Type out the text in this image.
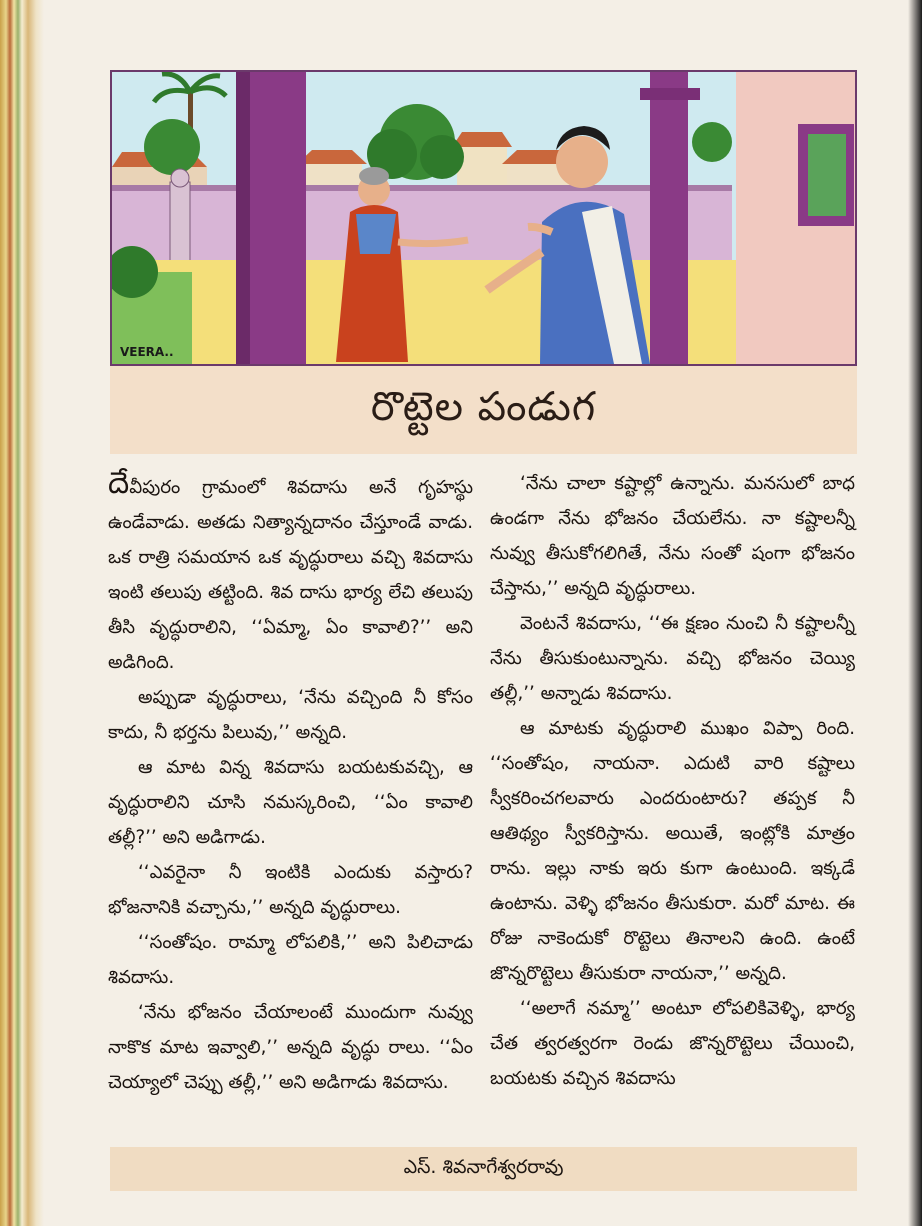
VEERA..
రొట్టెల పండుగ

దేవీపురం గ్రామంలో శివదాసు అనే గృహస్థు ఉండేవాడు. అతడు నిత్యాన్నదానం చేస్తూండే వాడు. ఒక రాత్రి సమయాన ఒక వృద్ధురాలు వచ్చి శివదాసు ఇంటి తలుపు తట్టింది. శివ దాసు భార్య లేచి తలుపు తీసి వృద్ధురాలిని, ‘‘ఏమ్మా, ఏం కావాలి?’’ అని అడిగింది.

అప్పుడా వృద్ధురాలు, ‘నేను వచ్చింది నీ కోసం కాదు, నీ భర్తను పిలువు,’’ అన్నది.

ఆ మాట విన్న శివదాసు బయటకువచ్చి, ఆ వృద్ధురాలిని చూసి నమస్కరించి, ‘‘ఏం కావాలి తల్లీ?’’ అని అడిగాడు.

‘‘ఎవరైనా నీ ఇంటికి ఎందుకు వస్తారు? భోజనానికి వచ్చాను,’’ అన్నది వృద్ధురాలు.

‘‘సంతోషం. రామ్మా లోపలికి,’’ అని పిలిచాడు శివదాసు.

‘నేను భోజనం చేయాలంటే ముందుగా నువ్వు నాకొక మాట ఇవ్వాలి,’’ అన్నది వృద్ధు రాలు. ‘‘ఏం చెయ్యాలో చెప్పు తల్లీ,’’ అని అడిగాడు శివదాసు.

‘నేను చాలా కష్టాల్లో ఉన్నాను. మనసులో బాధ ఉండగా నేను భోజనం చేయలేను. నా కష్టాలన్నీ నువ్వు తీసుకోగలిగితే, నేను సంతో షంగా భోజనం చేస్తాను,’’ అన్నది వృద్ధురాలు.

వెంటనే శివదాసు, ‘‘ఈ క్షణం నుంచి నీ కష్టాలన్నీ నేను తీసుకుంటున్నాను. వచ్చి భోజనం చెయ్యి తల్లీ,’’ అన్నాడు శివదాసు.

ఆ మాటకు వృద్ధురాలి ముఖం విప్పా రింది. ‘‘సంతోషం, నాయనా. ఎదుటి వారి కష్టాలు స్వీకరించగలవారు ఎందరుంటారు? తప్పక నీ ఆతిథ్యం స్వీకరిస్తాను. అయితే, ఇంట్లోకి మాత్రం రాను. ఇల్లు నాకు ఇరు కుగా ఉంటుంది. ఇక్కడే ఉంటాను. వెళ్ళి భోజనం తీసుకురా. మరో మాట. ఈ రోజు నాకెందుకో రొట్టెలు తినాలని ఉంది. ఉంటే జొన్నరొట్టెలు తీసుకురా నాయనా,’’ అన్నది.

‘‘అలాగే నమ్మా’’ అంటూ లోపలికివెళ్ళి, భార్య చేత త్వరత్వరగా రెండు జొన్నరొట్టెలు చేయించి, బయటకు వచ్చిన శివదాసు

ఎస్. శివనాగేశ్వరరావు
